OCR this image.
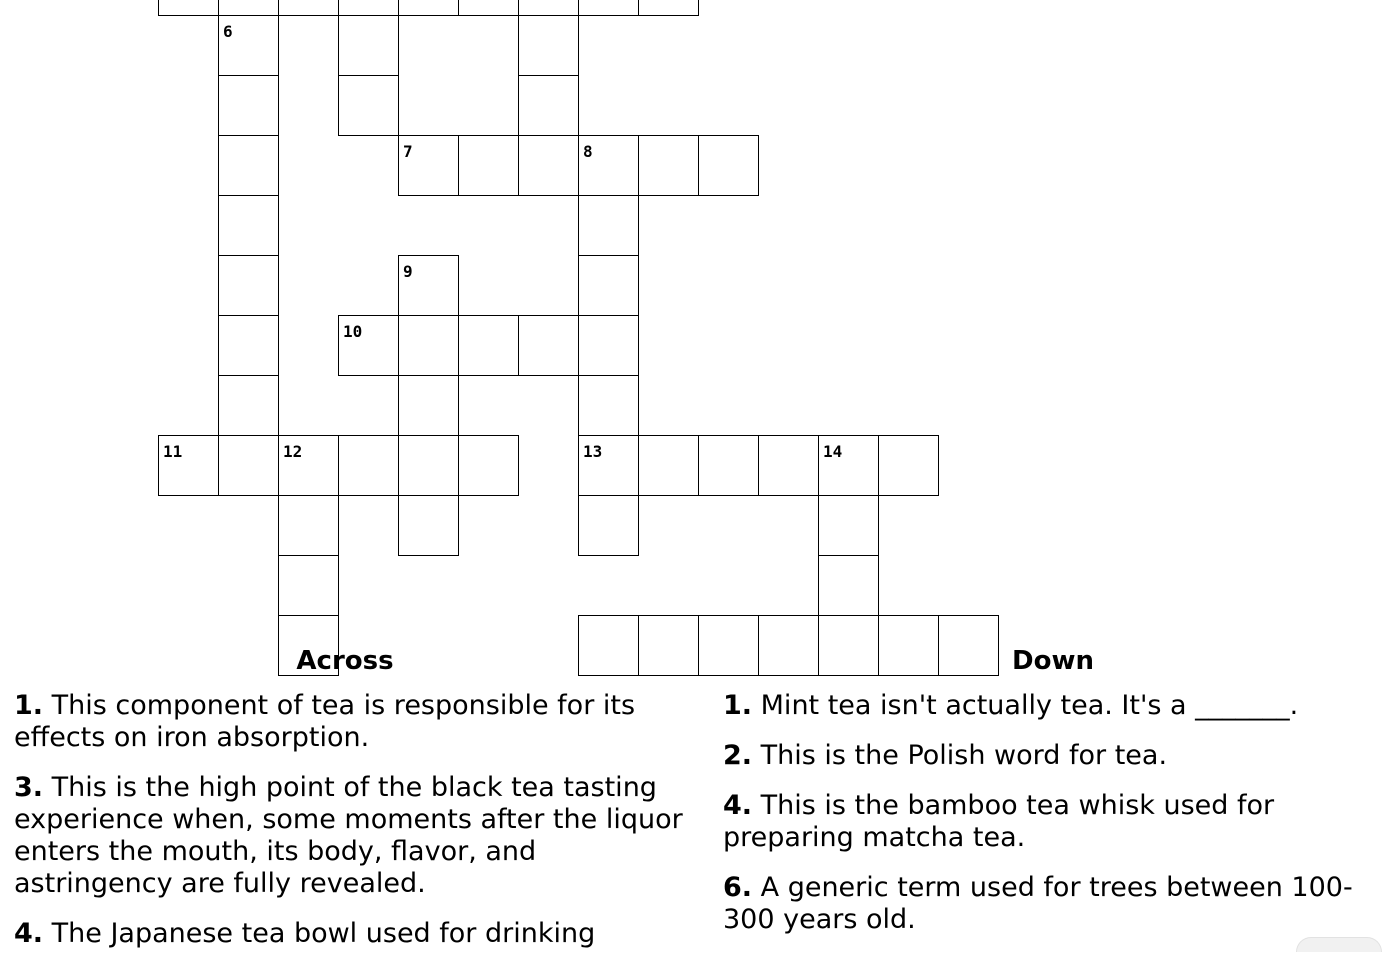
6
7	8
9
10
11	12	13	14
Across	Down

1. This component of tea is responsible for its effects on iron absorption.

3. This is the high point of the black tea tasting experience when, some moments after the liquor enters the mouth, its body, flavor, and astringency are fully revealed.

4. The Japanese tea bowl used for drinking

1. Mint tea isn't actually tea. It's a _______.

2. This is the Polish word for tea.

4. This is the bamboo tea whisk used for preparing matcha tea.

6. A generic term used for trees between 100-300 years old.
